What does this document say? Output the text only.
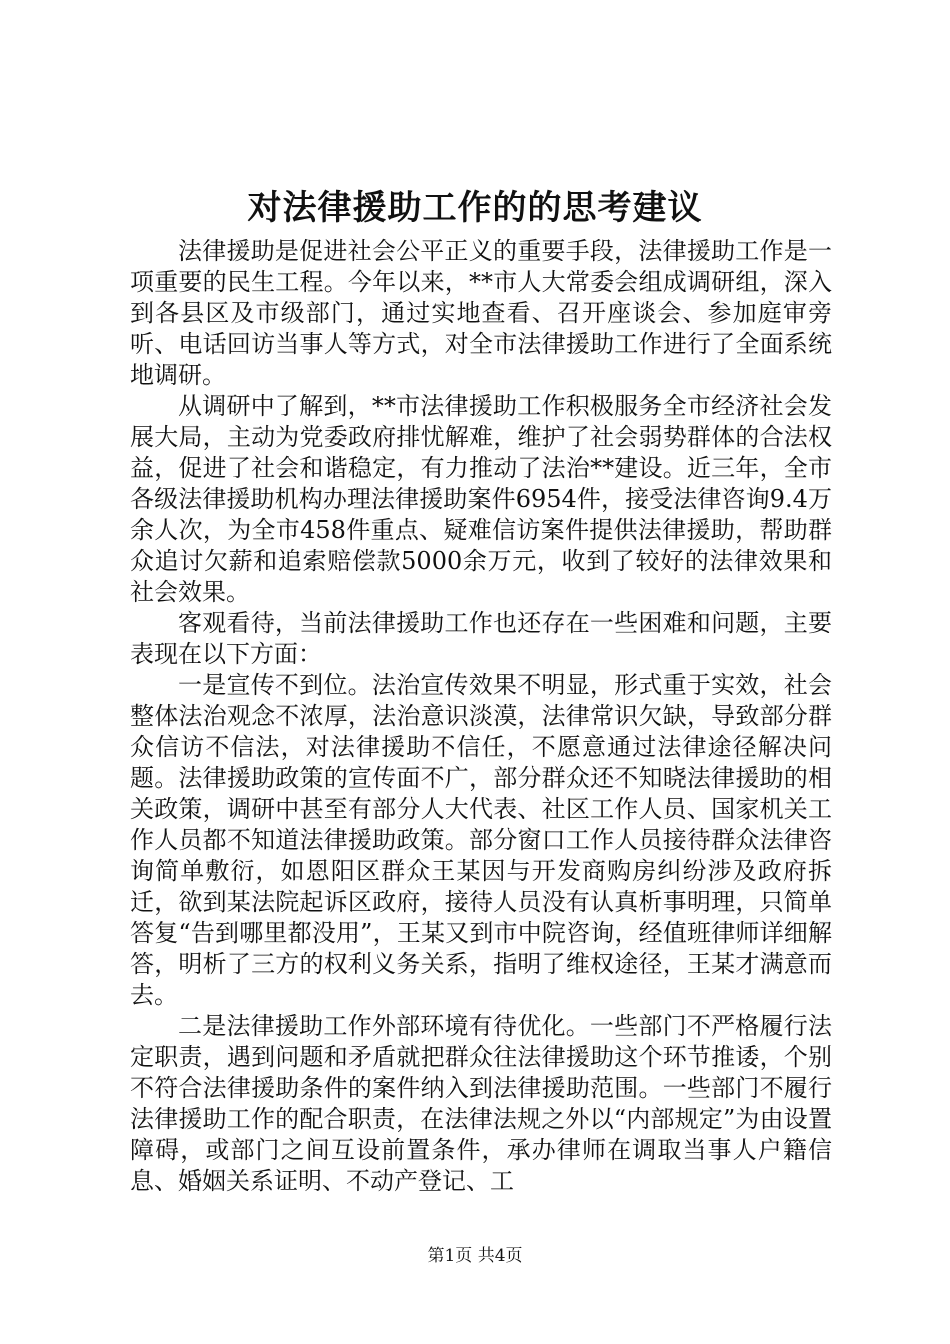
对法律援助工作的的思考建议

法律援助是促进社会公平正义的重要手段，法律援助工作是一项重要的民生工程。今年以来，**市人大常委会组成调研组，深入到各县区及市级部门，通过实地查看、召开座谈会、参加庭审旁听、电话回访当事人等方式，对全市法律援助工作进行了全面系统地调研。

从调研中了解到，**市法律援助工作积极服务全市经济社会发展大局，主动为党委政府排忧解难，维护了社会弱势群体的合法权益，促进了社会和谐稳定，有力推动了法治**建设。近三年，全市各级法律援助机构办理法律援助案件6954件，接受法律咨询9.4万余人次，为全市458件重点、疑难信访案件提供法律援助，帮助群众追讨欠薪和追索赔偿款5000余万元，收到了较好的法律效果和社会效果。

客观看待，当前法律援助工作也还存在一些困难和问题，主要表现在以下方面：

一是宣传不到位。法治宣传效果不明显，形式重于实效，社会整体法治观念不浓厚，法治意识淡漠，法律常识欠缺，导致部分群众信访不信法，对法律援助不信任，不愿意通过法律途径解决问题。法律援助政策的宣传面不广，部分群众还不知晓法律援助的相关政策，调研中甚至有部分人大代表、社区工作人员、国家机关工作人员都不知道法律援助政策。部分窗口工作人员接待群众法律咨询简单敷衍，如恩阳区群众王某因与开发商购房纠纷涉及政府拆迁，欲到某法院起诉区政府，接待人员没有认真析事明理，只简单答复“告到哪里都没用”，王某又到市中院咨询，经值班律师详细解答，明析了三方的权利义务关系，指明了维权途径，王某才满意而去。

二是法律援助工作外部环境有待优化。一些部门不严格履行法定职责，遇到问题和矛盾就把群众往法律援助这个环节推诿，个别不符合法律援助条件的案件纳入到法律援助范围。一些部门不履行法律援助工作的配合职责，在法律法规之外以“内部规定”为由设置障碍，或部门之间互设前置条件，承办律师在调取当事人户籍信息、婚姻关系证明、不动产登记、工

第1页 共4页
